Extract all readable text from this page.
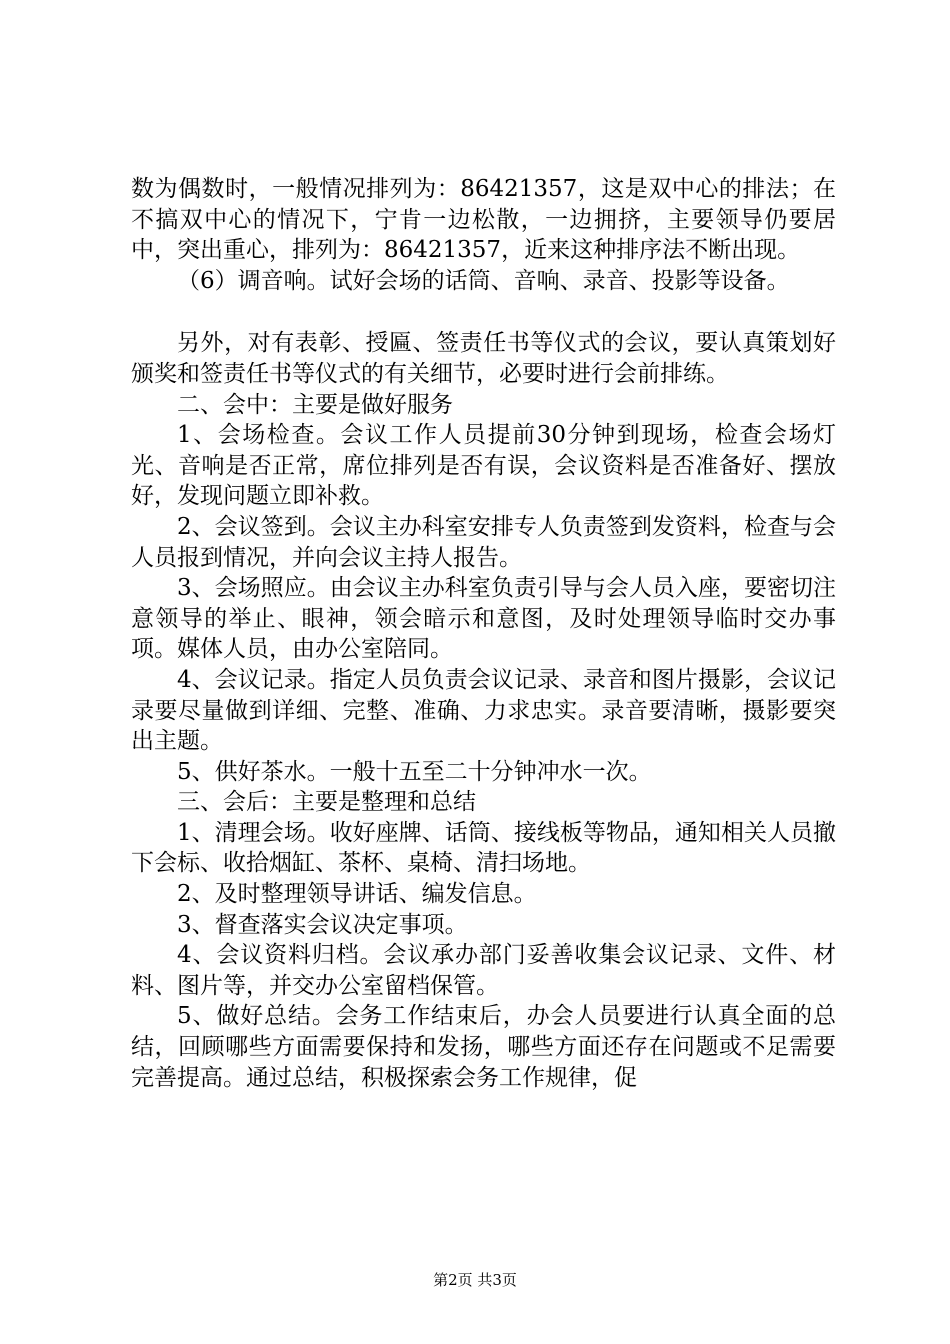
数为偶数时，一般情况排列为：86421357，这是双中心的排法；在不搞双中心的情况下，宁肯一边松散，一边拥挤，主要领导仍要居中，突出重心，排列为：86421357，近来这种排序法不断出现。

（6）调音响。试好会场的话筒、音响、录音、投影等设备。

另外，对有表彰、授匾、签责任书等仪式的会议，要认真策划好颁奖和签责任书等仪式的有关细节，必要时进行会前排练。

二、会中：主要是做好服务

1、会场检查。会议工作人员提前30分钟到现场，检查会场灯光、音响是否正常，席位排列是否有误，会议资料是否准备好、摆放好，发现问题立即补救。

2、会议签到。会议主办科室安排专人负责签到发资料，检查与会人员报到情况，并向会议主持人报告。

3、会场照应。由会议主办科室负责引导与会人员入座，要密切注意领导的举止、眼神，领会暗示和意图，及时处理领导临时交办事项。媒体人员，由办公室陪同。

4、会议记录。指定人员负责会议记录、录音和图片摄影，会议记录要尽量做到详细、完整、准确、力求忠实。录音要清晰，摄影要突出主题。

5、供好茶水。一般十五至二十分钟冲水一次。

三、会后：主要是整理和总结

1、清理会场。收好座牌、话筒、接线板等物品，通知相关人员撤下会标、收拾烟缸、茶杯、桌椅、清扫场地。

2、及时整理领导讲话、编发信息。

3、督查落实会议决定事项。

4、会议资料归档。会议承办部门妥善收集会议记录、文件、材料、图片等，并交办公室留档保管。

5、做好总结。会务工作结束后，办会人员要进行认真全面的总结，回顾哪些方面需要保持和发扬，哪些方面还存在问题或不足需要完善提高。通过总结，积极探索会务工作规律，促

第2页 共3页
